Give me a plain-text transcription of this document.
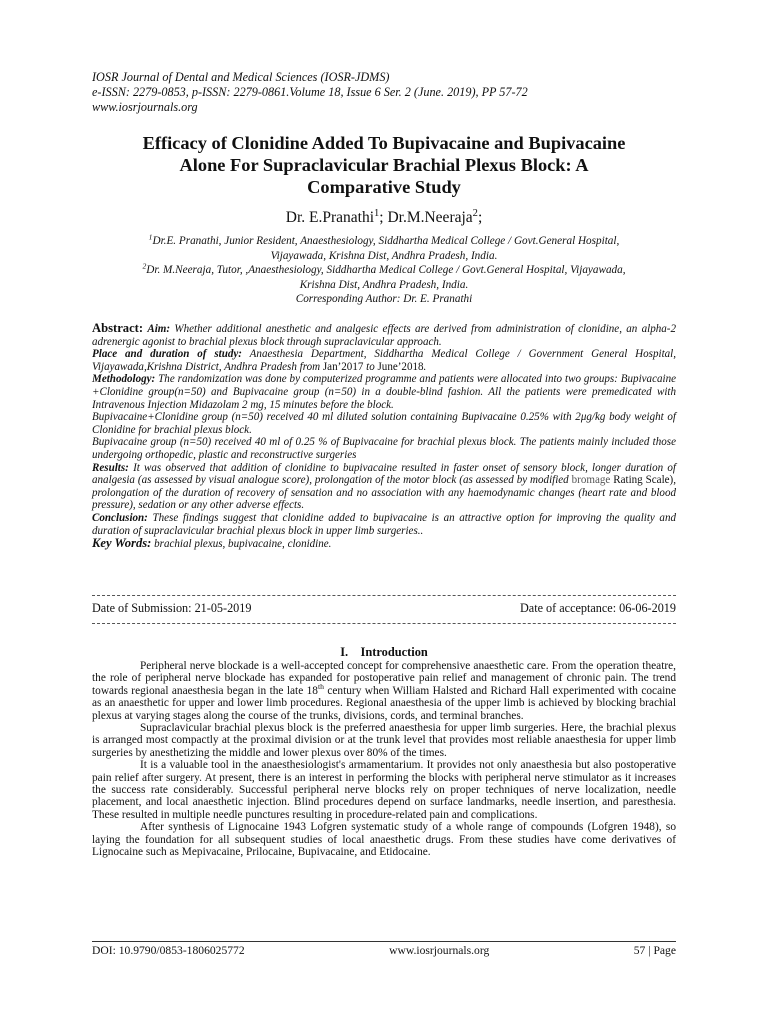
IOSR Journal of Dental and Medical Sciences (IOSR-JDMS)
e-ISSN: 2279-0853, p-ISSN: 2279-0861.Volume 18, Issue 6 Ser. 2 (June. 2019), PP 57-72
www.iosrjournals.org
Efficacy of Clonidine Added To Bupivacaine and Bupivacaine
Alone For Supraclavicular Brachial Plexus Block: A
Comparative Study
Dr. E.Pranathi$^1$; Dr.M.Neeraja$^2$;
$^1$Dr.E. Pranathi, Junior Resident, Anaesthesiology, Siddhartha Medical College / Govt.General Hospital,
Vijayawada, Krishna Dist, Andhra Pradesh, India.
$^2$Dr. M.Neeraja, Tutor, ,Anaesthesiology, Siddhartha Medical College / Govt.General Hospital, Vijayawada,
Krishna Dist, Andhra Pradesh, India.
Corresponding Author: Dr. E. Pranathi

Abstract: Aim: Whether additional anesthetic and analgesic effects are derived from administration of clonidine, an alpha-2 adrenergic agonist to brachial plexus block through supraclavicular approach.

Place and duration of study: Anaesthesia Department, Siddhartha Medical College / Government General Hospital, Vijayawada,Krishna District, Andhra Pradesh from Jan’2017 to June’2018.

Methodology: The randomization was done by computerized programme and patients were allocated into two groups: Bupivacaine +Clonidine group(n=50) and Bupivacaine group (n=50) in a double-blind fashion. All the patients were premedicated with Intravenous Injection Midazolam 2 mg, 15 minutes before the block.

Bupivacaine+Clonidine group (n=50) received 40 ml diluted solution containing Bupivacaine 0.25% with 2μg/kg body weight of Clonidine for brachial plexus block.

Bupivacaine group (n=50) received 40 ml of 0.25 % of Bupivacaine for brachial plexus block. The patients mainly included those undergoing orthopedic, plastic and reconstructive surgeries

Results: It was observed that addition of clonidine to bupivacaine resulted in faster onset of sensory block, longer duration of analgesia (as assessed by visual analogue score), prolongation of the motor block (as assessed by modified bromage Rating Scale), prolongation of the duration of recovery of sensation and no association with any haemodynamic changes (heart rate and blood pressure), sedation or any other adverse effects.

Conclusion: These findings suggest that clonidine added to bupivacaine is an attractive option for improving the quality and duration of supraclavicular brachial plexus block in upper limb surgeries..

Key Words: brachial plexus, bupivacaine, clonidine.

Date of Submission: 21-05-2019	Date of acceptance: 06-06-2019
I.    Introduction

Peripheral nerve blockade is a well-accepted concept for comprehensive anaesthetic care. From the operation theatre, the role of peripheral nerve blockade has expanded for postoperative pain relief and management of chronic pain. The trend towards regional anaesthesia began in the late 18th century when William Halsted and Richard Hall experimented with cocaine as an anaesthetic for upper and lower limb procedures. Regional anaesthesia of the upper limb is achieved by blocking brachial plexus at varying stages along the course of the trunks, divisions, cords, and terminal branches.

Supraclavicular brachial plexus block is the preferred anaesthesia for upper limb surgeries. Here, the brachial plexus is arranged most compactly at the proximal division or at the trunk level that provides most reliable anaesthesia for upper limb surgeries by anesthetizing the middle and lower plexus over 80% of the times.

It is a valuable tool in the anaesthesiologist's armamentarium. It provides not only anaesthesia but also postoperative pain relief after surgery. At present, there is an interest in performing the blocks with peripheral nerve stimulator as it increases the success rate considerably. Successful peripheral nerve blocks rely on proper techniques of nerve localization, needle placement, and local anaesthetic injection. Blind procedures depend on surface landmarks, needle insertion, and paresthesia. These resulted in multiple needle punctures resulting in procedure-related pain and complications.

After synthesis of Lignocaine 1943 Lofgren systematic study of a whole range of compounds (Lofgren 1948), so laying the foundation for all subsequent studies of local anaesthetic drugs. From these studies have come derivatives of Lignocaine such as Mepivacaine, Prilocaine, Bupivacaine, and Etidocaine.

DOI: 10.9790/0853-1806025772	www.iosrjournals.org	57 | Page
